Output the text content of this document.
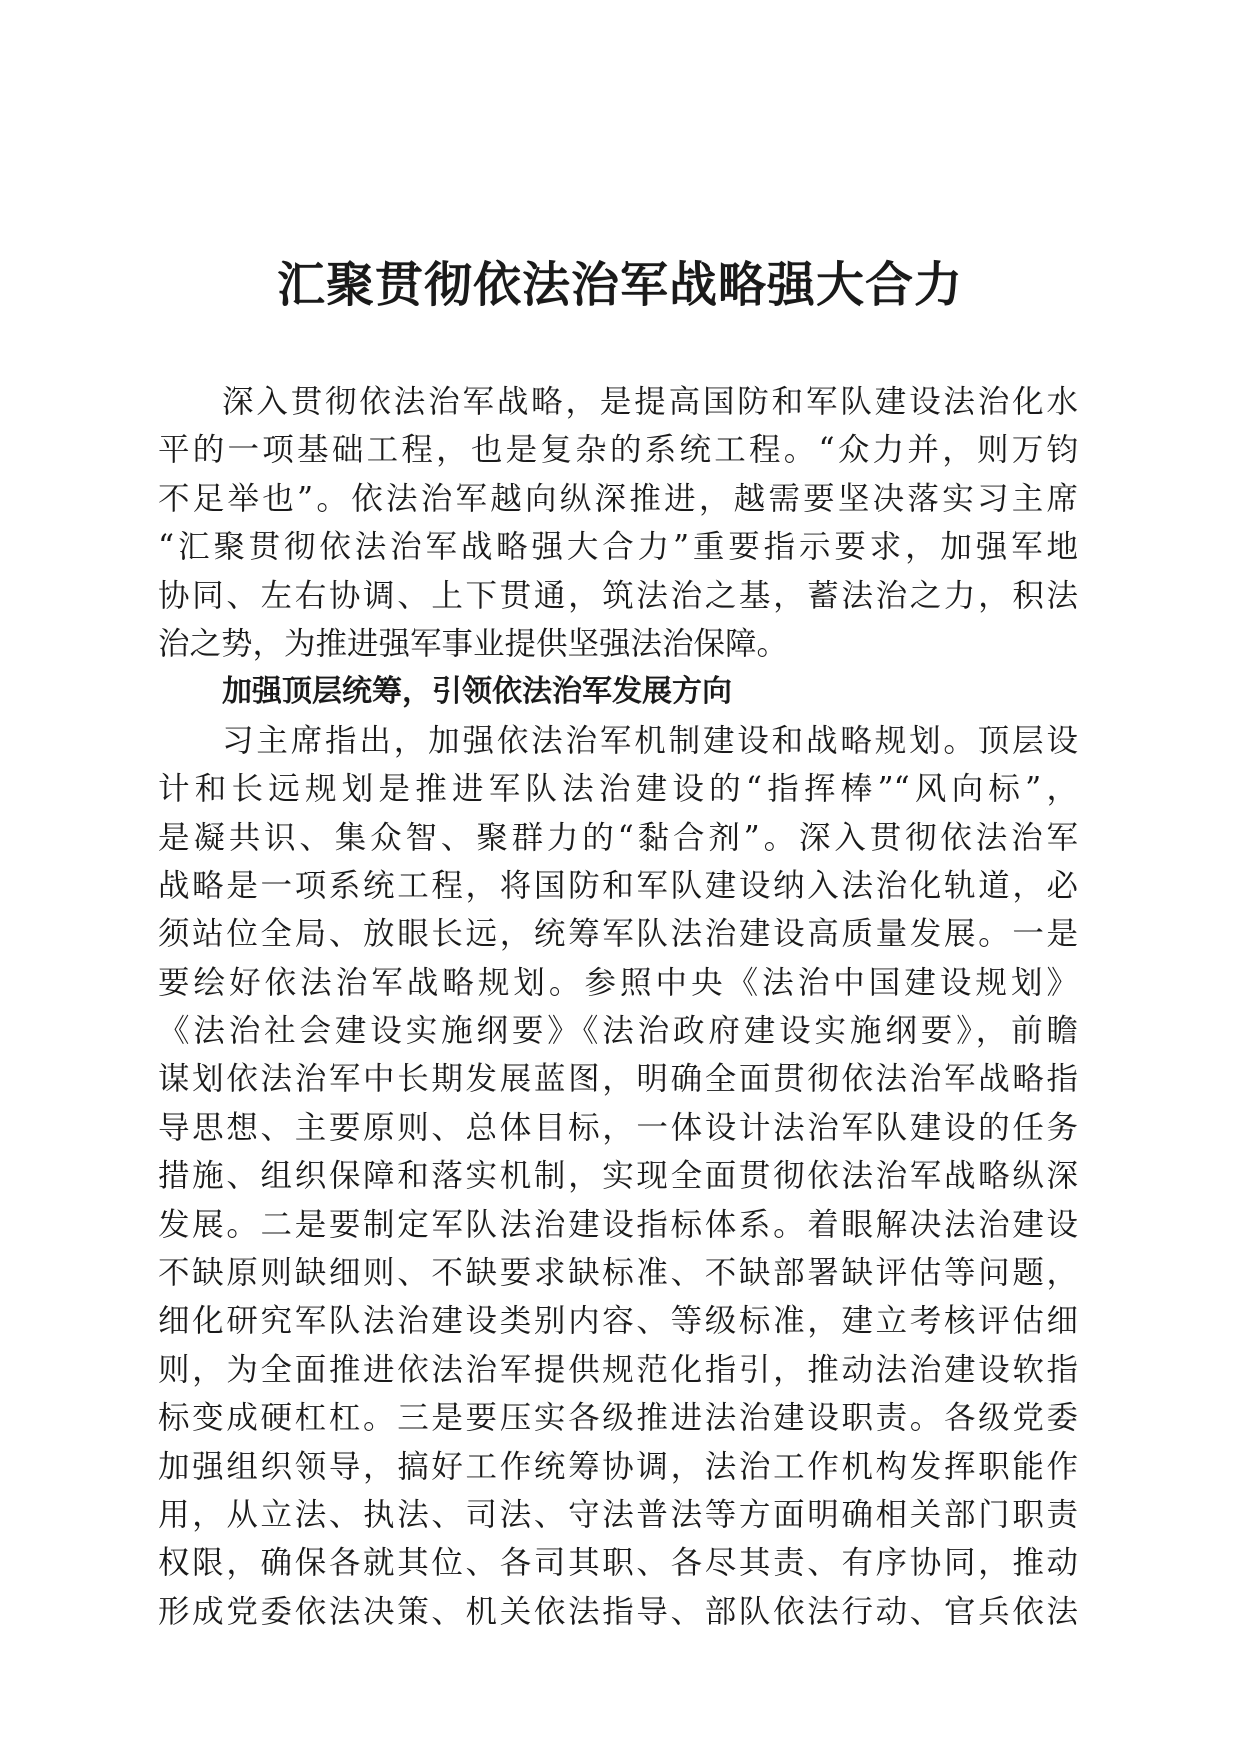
汇聚贯彻依法治军战略强大合力
深入贯彻依法治军战略，是提高国防和军队建设法治化水
平的一项基础工程，也是复杂的系统工程。“众力并，则万钧
不足举也”。依法治军越向纵深推进，越需要坚决落实习主席
“汇聚贯彻依法治军战略强大合力”重要指示要求，加强军地
协同、左右协调、上下贯通，筑法治之基，蓄法治之力，积法
治之势，为推进强军事业提供坚强法治保障。
加强顶层统筹，引领依法治军发展方向
习主席指出，加强依法治军机制建设和战略规划。顶层设
计和长远规划是推进军队法治建设的“指挥棒”“风向标”，
是凝共识、集众智、聚群力的“黏合剂”。深入贯彻依法治军
战略是一项系统工程，将国防和军队建设纳入法治化轨道，必
须站位全局、放眼长远，统筹军队法治建设高质量发展。一是
要绘好依法治军战略规划。参照中央《法治中国建设规划》
《法治社会建设实施纲要》《法治政府建设实施纲要》，前瞻
谋划依法治军中长期发展蓝图，明确全面贯彻依法治军战略指
导思想、主要原则、总体目标，一体设计法治军队建设的任务
措施、组织保障和落实机制，实现全面贯彻依法治军战略纵深
发展。二是要制定军队法治建设指标体系。着眼解决法治建设
不缺原则缺细则、不缺要求缺标准、不缺部署缺评估等问题，
细化研究军队法治建设类别内容、等级标准，建立考核评估细
则，为全面推进依法治军提供规范化指引，推动法治建设软指
标变成硬杠杠。三是要压实各级推进法治建设职责。各级党委
加强组织领导，搞好工作统筹协调，法治工作机构发挥职能作
用，从立法、执法、司法、守法普法等方面明确相关部门职责
权限，确保各就其位、各司其职、各尽其责、有序协同，推动
形成党委依法决策、机关依法指导、部队依法行动、官兵依法
